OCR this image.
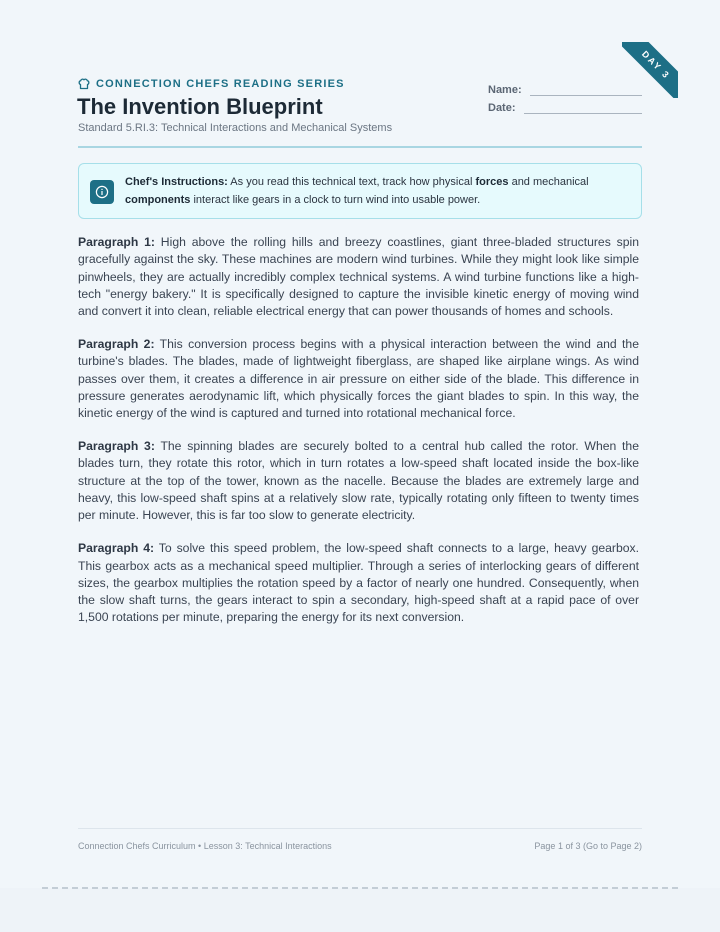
DAY 3
CONNECTION CHEFS READING SERIES
The Invention Blueprint
Standard 5.RI.3: Technical Interactions and Mechanical Systems
Name:
Date:
Chef's Instructions: As you read this technical text, track how physical forces and mechanical components interact like gears in a clock to turn wind into usable power.

Paragraph 1: High above the rolling hills and breezy coastlines, giant three-bladed structures spin gracefully against the sky. These machines are modern wind turbines. While they might look like simple pinwheels, they are actually incredibly complex technical systems. A wind turbine functions like a high-tech "energy bakery." It is specifically designed to capture the invisible kinetic energy of moving wind and convert it into clean, reliable electrical energy that can power thousands of homes and schools.

Paragraph 2: This conversion process begins with a physical interaction between the wind and the turbine's blades. The blades, made of lightweight fiberglass, are shaped like airplane wings. As wind passes over them, it creates a difference in air pressure on either side of the blade. This difference in pressure generates aerodynamic lift, which physically forces the giant blades to spin. In this way, the kinetic energy of the wind is captured and turned into rotational mechanical force.

Paragraph 3: The spinning blades are securely bolted to a central hub called the rotor. When the blades turn, they rotate this rotor, which in turn rotates a low-speed shaft located inside the box-like structure at the top of the tower, known as the nacelle. Because the blades are extremely large and heavy, this low-speed shaft spins at a relatively slow rate, typically rotating only fifteen to twenty times per minute. However, this is far too slow to generate electricity.

Paragraph 4: To solve this speed problem, the low-speed shaft connects to a large, heavy gearbox. This gearbox acts as a mechanical speed multiplier. Through a series of interlocking gears of different sizes, the gearbox multiplies the rotation speed by a factor of nearly one hundred. Consequently, when the slow shaft turns, the gears interact to spin a secondary, high-speed shaft at a rapid pace of over 1,500 rotations per minute, preparing the energy for its next conversion.

Connection Chefs Curriculum • Lesson 3: Technical Interactions	Page 1 of 3 (Go to Page 2)
